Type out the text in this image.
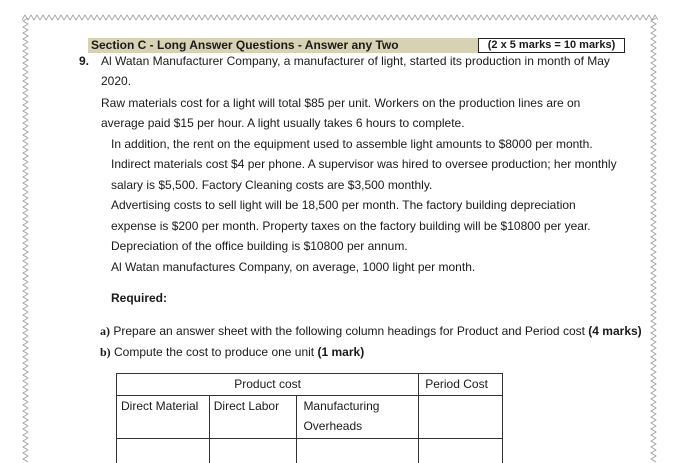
Section C - Long Answer Questions - Answer any Two	(2 x 5 marks = 10 marks)
9. Al Watan Manufacturer Company, a manufacturer of light, started its production in month of May
2020.
Raw materials cost for a light will total $85 per unit. Workers on the production lines are on
average paid $15 per hour. A light usually takes 6 hours to complete.
In addition, the rent on the equipment used to assemble light amounts to $8000 per month.
Indirect materials cost $4 per phone. A supervisor was hired to oversee production; her monthly
salary is $5,500. Factory Cleaning costs are $3,500 monthly.
Advertising costs to sell light will be 18,500 per month. The factory building depreciation
expense is $200 per month. Property taxes on the factory building will be $10800 per year.
Depreciation of the office building is $10800 per annum.
Al Watan manufactures Company, on average, 1000 light per month.
Required:
a) Prepare an answer sheet with the following column headings for Product and Period cost (4 marks)
b) Compute the cost to produce one unit (1 mark)
Product cost			Period Cost
Direct Material	Direct Labor	Manufacturing
Overheads	
